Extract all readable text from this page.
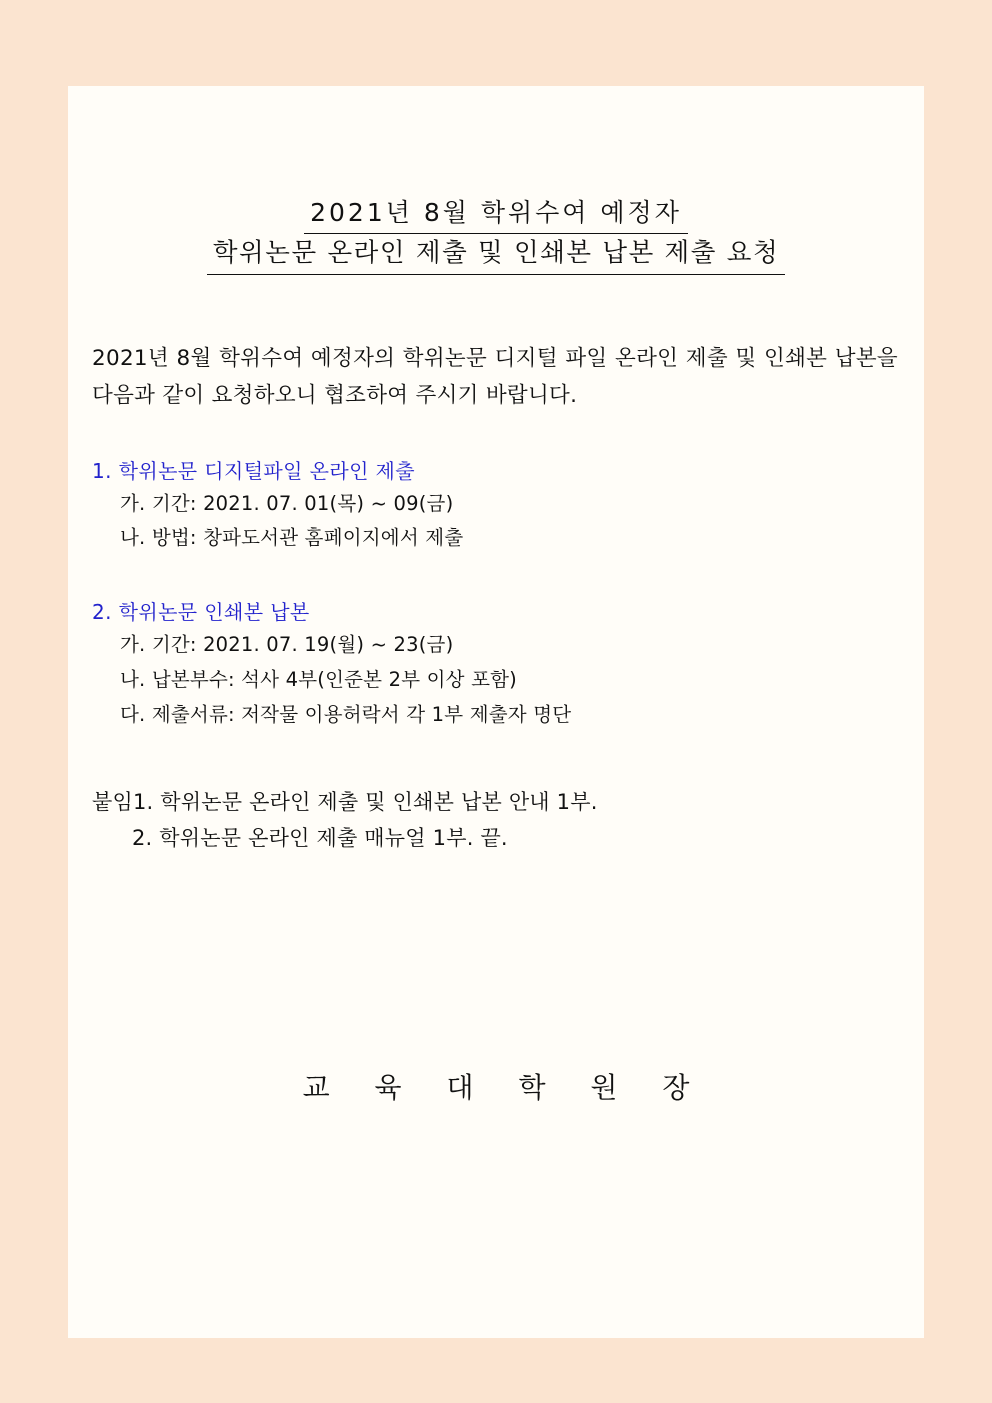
2021년 8월 학위수여 예정자 학위논문 온라인 제출 및 인쇄본 납본 제출 요청

2021년 8월 학위수여 예정자의 학위논문 디지털 파일 온라인 제출 및 인쇄본 납본을 다음과 같이 요청하오니 협조하여 주시기 바랍니다.

1. 학위논문 디지털파일 온라인 제출
가. 기간: 2021. 07. 01(목) ~ 09(금)
나. 방법: 창파도서관 홈페이지에서 제출
2. 학위논문 인쇄본 납본
가. 기간: 2021. 07. 19(월) ~ 23(금)
나. 납본부수: 석사 4부(인준본 2부 이상 포함)
다. 제출서류: 저작물 이용허락서 각 1부 제출자 명단
붙임1. 학위논문 온라인 제출 및 인쇄본 납본 안내 1부.
2. 학위논문 온라인 제출 매뉴얼 1부. 끝.
교 육 대 학 원 장
